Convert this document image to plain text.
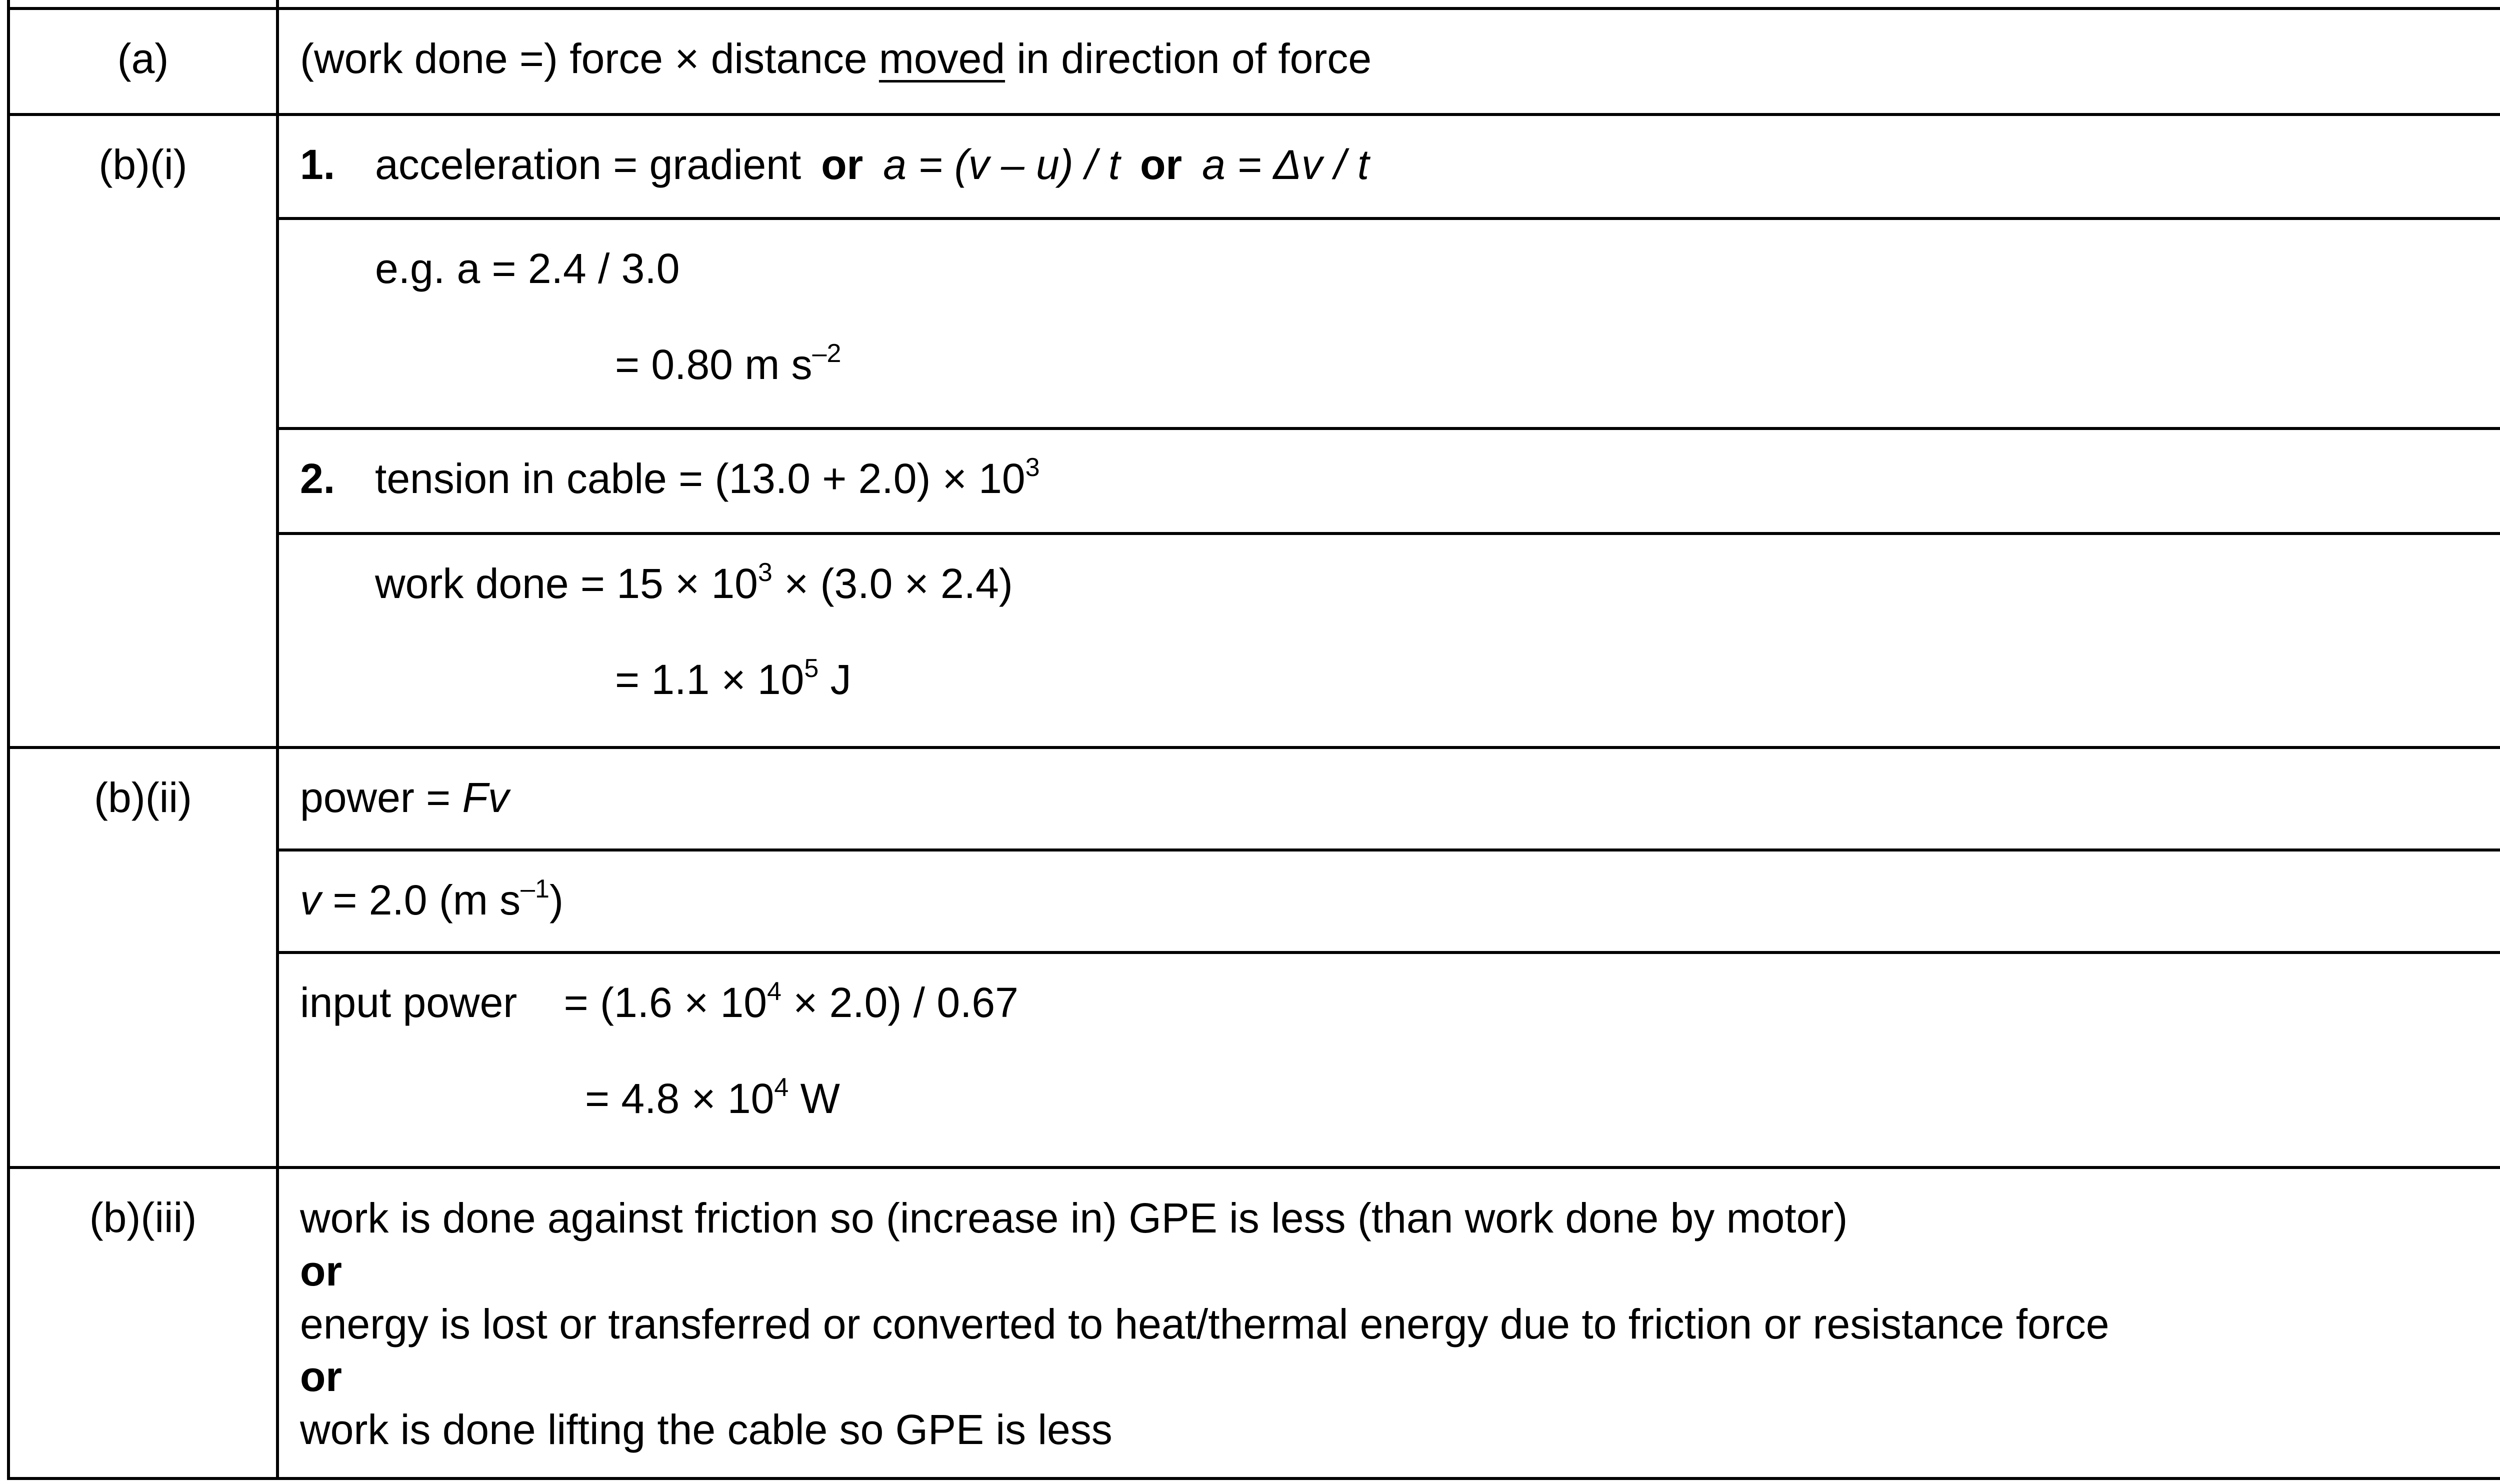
(a)	(work done =) force × distance moved in direction of force	
(b)(i)	1. acceleration = gradient or a = (v – u) / t or a = Δv / t	

	e.g. a = 2.4 / 3.0
= 0.80 m $s^{-2}$

	2. tension in cable = $(13.0 + 2.0) \times 10^3$	

	work done = $15 \times 10^3 \times (3.0 \times 2.4)$
= $1.1 \times 10^5$ J

(b)(ii)	power = Fv	
	v = 2.0 (m $s^{-1}$)	

	input power    = $(1.6 \times 10^4 \times 2.0) / 0.67$
= $4.8 \times 10^4$ W

(b)(iii)	work is done against friction so (increase in) GPE is less (than work done by motor)
or
energy is lost or transferred or converted to heat/thermal energy due to friction or resistance force
or
work is done lifting the cable so GPE is less
